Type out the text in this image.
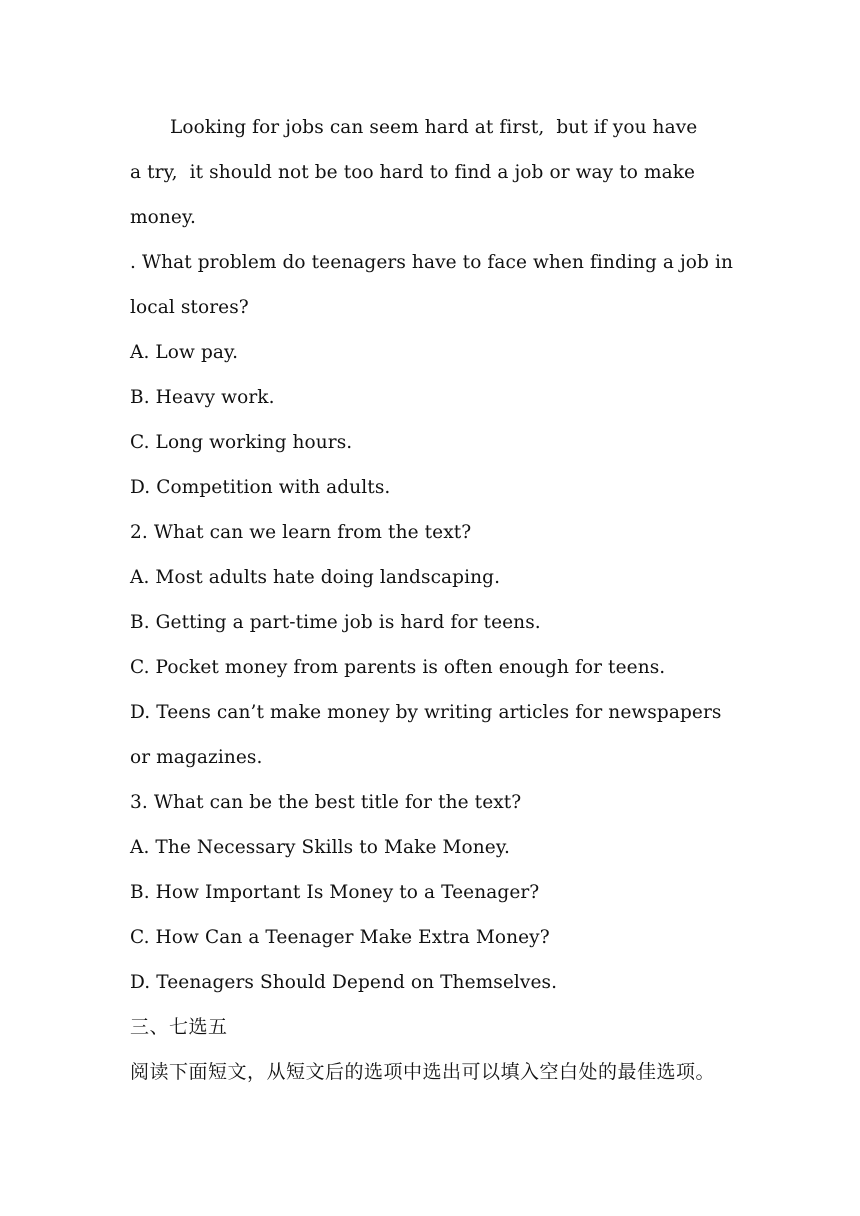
Looking for jobs can seem hard at first,  but if you have
a try,  it should not be too hard to find a job or way to make
money.
. What problem do teenagers have to face when finding a job in
local stores?
A. Low pay.
B. Heavy work.
C. Long working hours.
D. Competition with adults.
2. What can we learn from the text?
A. Most adults hate doing landscaping.
B. Getting a part-time job is hard for teens.
C. Pocket money from parents is often enough for teens.
D. Teens can’t make money by writing articles for newspapers
or magazines.
3. What can be the best title for the text?
A. The Necessary Skills to Make Money.
B. How Important Is Money to a Teenager?
C. How Can a Teenager Make Extra Money?
D. Teenagers Should Depend on Themselves.
三、七选五
阅读下面短文，从短文后的选项中选出可以填入空白处的最佳选项。
